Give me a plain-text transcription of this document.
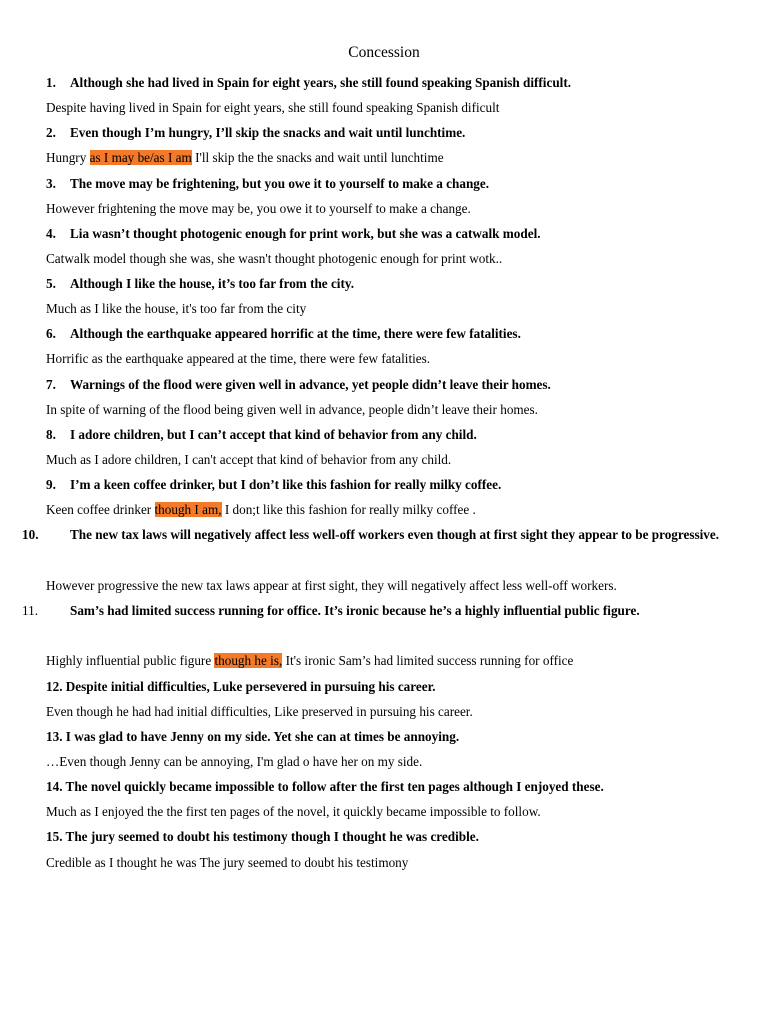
Concession
1. Although she had lived in Spain for eight years, she still found speaking Spanish difficult.
Despite having lived in Spain for eight years, she still found speaking Spanish dificult
2. Even though I’m hungry, I’ll skip the snacks and wait until lunchtime.
Hungry as I may be/as I am I'll skip the the snacks and wait until lunchtime
3. The move may be frightening, but you owe it to yourself to make a change.
However frightening the move may be, you owe it to yourself to make a change.
4. Lia wasn’t thought photogenic enough for print work, but she was a catwalk model.
Catwalk model though she was, she wasn't thought photogenic enough for print wotk..
5. Although I like the house, it’s too far from the city.
Much as I like the house, it's too far from the city
6. Although the earthquake appeared horrific at the time, there were few fatalities.
Horrific as the earthquake appeared at the time, there were few fatalities.
7. Warnings of the flood were given well in advance, yet people didn’t leave their homes.
In spite of warning of the flood being given well in advance, people didn’t leave their homes.
8. I adore children, but I can’t accept that kind of behavior from any child.
Much as I adore children, I can't accept that kind of behavior from any child.
9. I’m a keen coffee drinker, but I don’t like this fashion for really milky coffee.
Keen coffee drinker though I am, I don;t like this fashion for really milky coffee .
10. The new tax laws will negatively affect less well-off workers even though at first sight they appear to be progressive.
However progressive the new tax laws appear at first sight, they will negatively affect less well-off workers.
11. Sam’s had limited success running for office. It’s ironic because he’s a highly influential public figure.
Highly influential public figure though he is, It's ironic Sam’s had limited success running for office
12. Despite initial difficulties, Luke persevered in pursuing his career.
Even though he had had initial difficulties, Like preserved in pursuing his career.
13. I was glad to have Jenny on my side. Yet she can at times be annoying.
…Even though Jenny can be annoying, I'm glad o have her on my side.
14. The novel quickly became impossible to follow after the first ten pages although I enjoyed these.
Much as I enjoyed the the first ten pages of the novel, it quickly became impossible to follow.
15. The jury seemed to doubt his testimony though I thought he was credible.
Credible as I thought he was The jury seemed to doubt his testimony
